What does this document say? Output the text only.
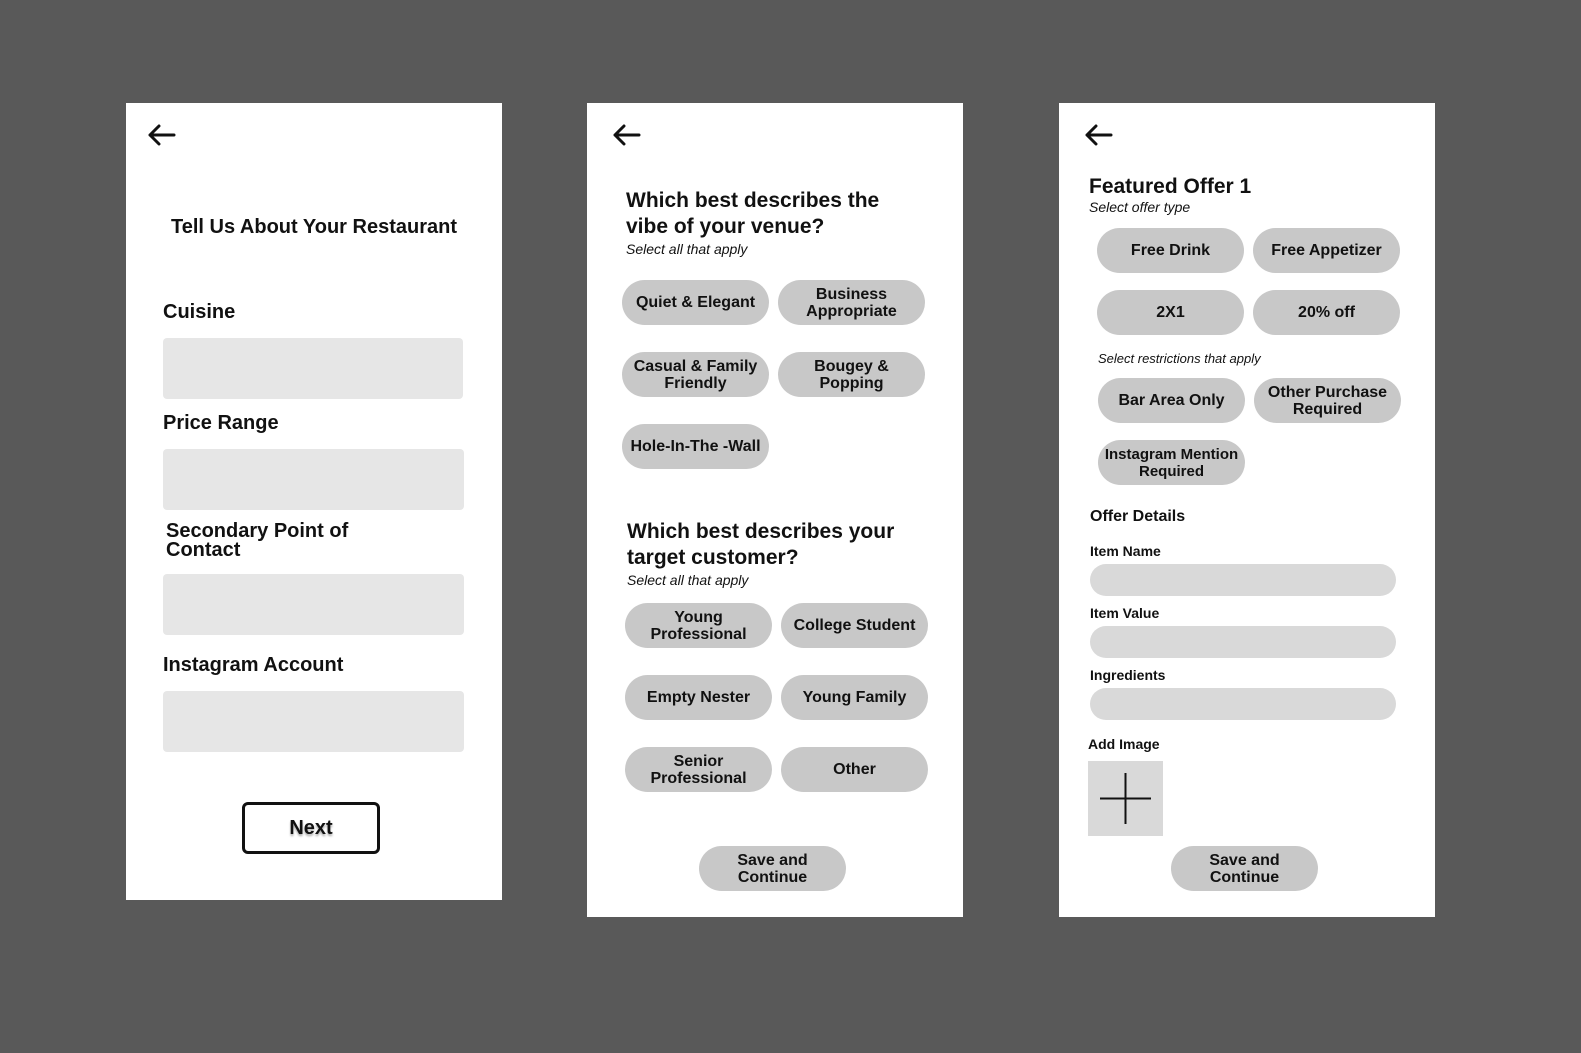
Tell Us About Your Restaurant
Cuisine
Price Range
Secondary Point of Contact
Instagram Account
Next
Which best describes the vibe of your venue?
Select all that apply
Quiet & Elegant	Business Appropriate
Casual & Family Friendly
Bougey & Popping
Hole-In-The -Wall
Which best describes your target customer?
Select all that apply
Young Professional	College Student
Empty Nester	Young Family
Senior Professional	Other
Save and Continue
Featured Offer 1
Select offer type
Free Drink	Free Appetizer
2X1	20% off
Select restrictions that apply
Bar Area Only	Other Purchase Required
Instagram Mention Required
Offer Details
Item Name
Item Value
Ingredients
Add Image
Save and Continue
